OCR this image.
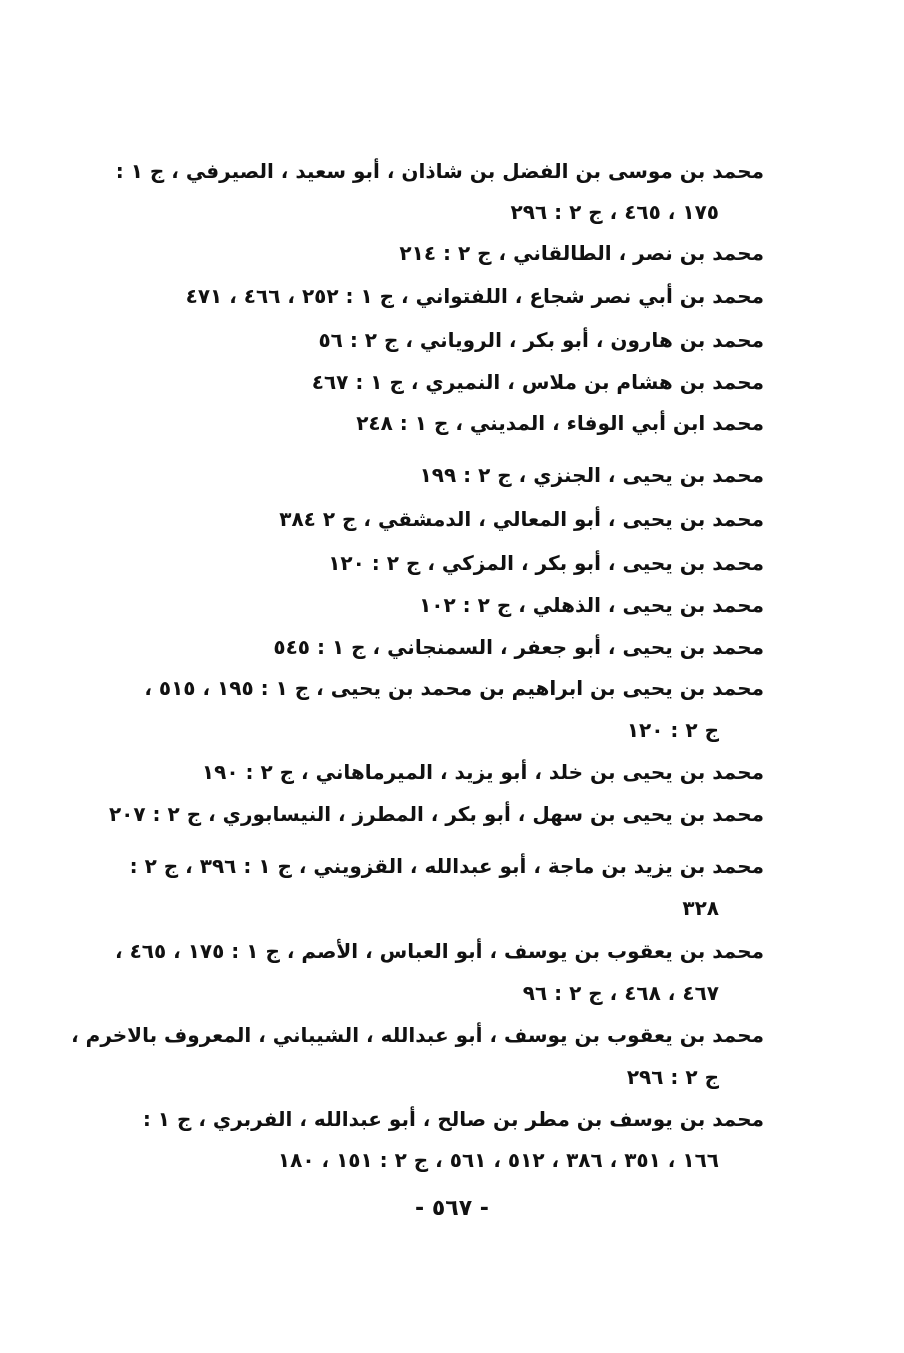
محمد بن موسى بن الفضل بن شاذان ، أبو سعيد ، الصيرفي ، ج ١ :
١٧٥ ، ٤٦٥ ، ج ٢ : ٢٩٦
محمد بن نصر ، الطالقاني ، ج ٢ : ٢١٤
محمد بن أبي نصر شجاع ، اللفتواني ، ج ١ : ٢٥٢ ، ٤٦٦ ، ٤٧١
محمد بن هارون ، أبو بكر ، الروياني ، ج ٢ : ٥٦
محمد بن هشام بن ملاس ، النميري ، ج ١ : ٤٦٧
محمد ابن أبي الوفاء ، المديني ، ج ١ : ٢٤٨
محمد بن يحيى ، الجنزي ، ج ٢ : ١٩٩
محمد بن يحيى ، أبو المعالي ، الدمشقي ، ج ٢ ٣٨٤
محمد بن يحيى ، أبو بكر ، المزكي ، ج ٢ : ١٢٠
محمد بن يحيى ، الذهلي ، ج ٢ : ١٠٢
محمد بن يحيى ، أبو جعفر ، السمنجاني ، ج ١ : ٥٤٥
محمد بن يحيى بن ابراهيم بن محمد بن يحيى ، ج ١ : ١٩٥ ، ٥١٥ ،
ج ٢ : ١٢٠
محمد بن يحيى بن خلد ، أبو يزيد ، الميرماهاني ، ج ٢ : ١٩٠
محمد بن يحيى بن سهل ، أبو بكر ، المطرز ، النيسابوري ، ج ٢ : ٢٠٧
محمد بن يزيد بن ماجة ، أبو عبدالله ، القزويني ، ج ١ : ٣٩٦ ، ج ٢ :
٣٢٨
محمد بن يعقوب بن يوسف ، أبو العباس ، الأصم ، ج ١ : ١٧٥ ، ٤٦٥ ،
٤٦٧ ، ٤٦٨ ، ج ٢ : ٩٦
محمد بن يعقوب بن يوسف ، أبو عبدالله ، الشيباني ، المعروف بالاخرم ،
ج ٢ : ٢٩٦
محمد بن يوسف بن مطر بن صالح ، أبو عبدالله ، الفربري ، ج ١ :
١٦٦ ، ٣٥١ ، ٣٨٦ ، ٥١٢ ، ٥٦١ ، ج ٢ : ١٥١ ، ١٨٠
- ٥٦٧ -
